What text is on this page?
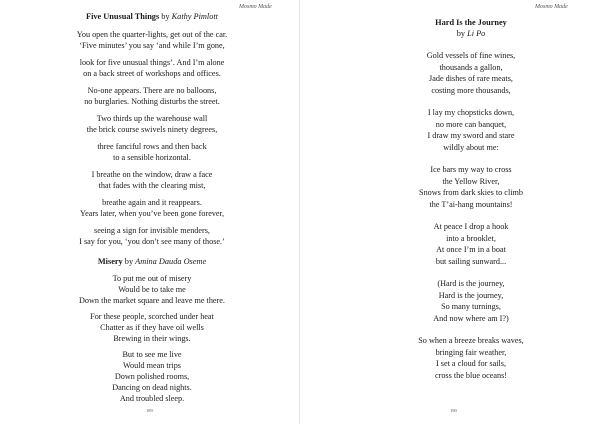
Mosmo Made

Five Unusual Things by Kathy Pimlott

You open the quarter-lights, get out of the car.
‘Five minutes’ you say ‘and while I’m gone,

look for five unusual things’. And I’m alone
on a back street of workshops and offices.

No-one appears. There are no balloons,
no burglaries. Nothing disturbs the street.

Two thirds up the warehouse wall
the brick course swivels ninety degrees,

three fanciful rows and then back
to a sensible horizontal.

I breathe on the window, draw a face
that fades with the clearing mist,

breathe again and it reappears.
Years later, when you’ve been gone forever,

seeing a sign for invisible menders,
I say for you, ‘you don’t see many of those.’

Misery by Amina Dauda Oseme

To put me out of misery
Would be to take me
Down the market square and leave me there.

For these people, scorched under heat
Chatter as if they have oil wells
Brewing in their wings.

But to see me live
Would mean trips
Down polished rooms,
Dancing on dead nights.
And troubled sleep.

189
Mosmo Made

Hard Is the Journey

by Li Po

Gold vessels of fine wines,
thousands a gallon,
Jade dishes of rare meats,
costing more thousands,

I lay my chopsticks down,
no more can banquet,
I draw my sword and stare
wildly about me:

Ice bars my way to cross
the Yellow River,
Snows from dark skies to climb
the T’ai-hang mountains!

At peace I drop a hook
into a brooklet,
At once I’m in a boat
but sailing sunward...

(Hard is the journey,
Hard is the journey,
So many turnings,
And now where am I?)

So when a breeze breaks waves,
bringing fair weather,
I set a cloud for sails,
cross the blue oceans!

190
